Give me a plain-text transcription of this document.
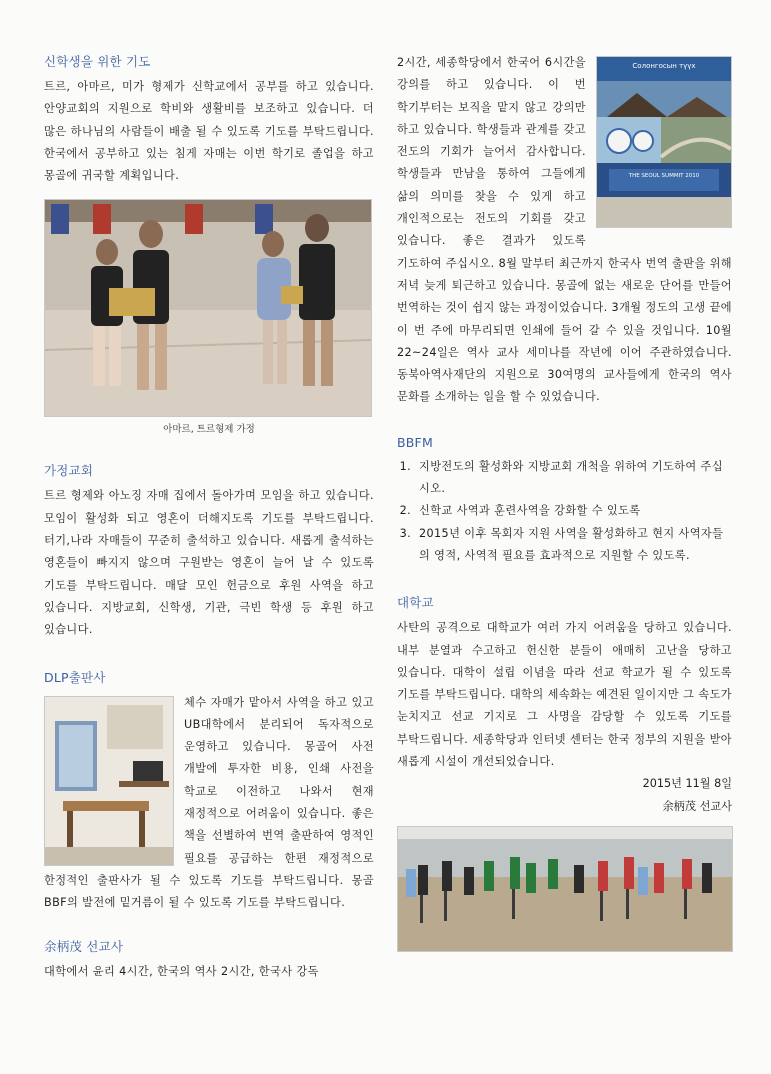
신학생을 위한 기도

트르, 아마르, 미가 형제가 신학교에서 공부를 하고 있습니다. 안양교회의 지원으로 학비와 생활비를 보조하고 있습니다. 더 많은 하나님의 사람들이 배출 될 수 있도록 기도를 부탁드립니다. 한국에서 공부하고 있는 침게 자매는 이번 학기로 졸업을 하고 몽골에 귀국할 계획입니다.

아마르, 트르형제 가정
가정교회

트르 형제와 아노징 자매 집에서 돌아가며 모임을 하고 있습니다. 모임이 활성화 되고 영혼이 더해지도록 기도를 부탁드립니다. 터기,나라 자매들이 꾸준히 출석하고 있습니다. 새롭게 출석하는 영혼들이 빠지지 않으며 구원받는 영혼이 늘어 날 수 있도록 기도를 부탁드립니다. 매달 모인 헌금으로 후원 사역을 하고 있습니다. 지방교회, 신학생, 기관, 극빈 학생 등 후원 하고 있습니다.

DLP출판사

체수 자매가 맡아서 사역을 하고 있고 UB대학에서 분리되어 독자적으로 운영하고 있습니다. 몽골어 사전 개발에 투자한 비용, 인쇄 사전을 학교로 이전하고 나와서 현재 재정적으로 어려움이 있습니다. 좋은 책을 선별하여 번역 출판하여 영적인 필요를 공급하는 한편 재정적으로 한정적인 출판사가 될 수 있도록 기도를 부탁드립니다. 몽골 BBF의 발전에 밑거름이 될 수 있도록 기도를 부탁드립니다.

余柄茂 선교사

대학에서 윤리 4시간, 한국의 역사 2시간, 한국사 강독

Солонгосын түүх
THE SEOUL SUMMIT 2010

2시간, 세종학당에서 한국어 6시간을 강의를 하고 있습니다. 이 번 학기부터는 보직을 맡지 않고 강의만 하고 있습니다. 학생들과 관계를 갖고 전도의 기회가 늘어서 감사합니다. 학생들과 만남을 통하여 그들에게 삶의 의미를 찾을 수 있게 하고 개인적으로는 전도의 기회를 갖고 있습니다. 좋은 결과가 있도록 기도하여 주십시오. 8월 말부터 최근까지 한국사 번역 출판을 위해 저녁 늦게 퇴근하고 있습니다. 몽골에 없는 새로운 단어를 만들어 번역하는 것이 쉽지 않는 과정이었습니다. 3개월 정도의 고생 끝에 이 번 주에 마무리되면 인쇄에 들어 갈 수 있을 것입니다. 10월 22~24일은 역사 교사 세미나를 작년에 이어 주관하였습니다. 동북아역사재단의 지원으로 30여명의 교사들에게 한국의 역사 문화를 소개하는 일을 할 수 있었습니다.

BBFM
1. 지방전도의 활성화와 지방교회 개척을 위하여 기도하여 주십시오.
2. 신학교 사역과 훈련사역을 강화할 수 있도록
3. 2015년 이후 목회자 지원 사역을 활성화하고 현지 사역자들의 영적, 사역적 필요를 효과적으로 지원할 수 있도록.
대학교

사탄의 공격으로 대학교가 여러 가지 어려움을 당하고 있습니다. 내부 분열과 수고하고 헌신한 분들이 애매히 고난을 당하고 있습니다. 대학이 설립 이념을 따라 선교 학교가 될 수 있도록 기도를 부탁드립니다. 대학의 세속화는 예견된 일이지만 그 속도가 눈치지고 선교 기지로 그 사명을 감당할 수 있도록 기도를 부탁드립니다. 세종학당과 인터넷 센터는 한국 정부의 지원을 받아 새롭게 시설이 개선되었습니다.

2015년 11월 8일
余柄茂 선교사
